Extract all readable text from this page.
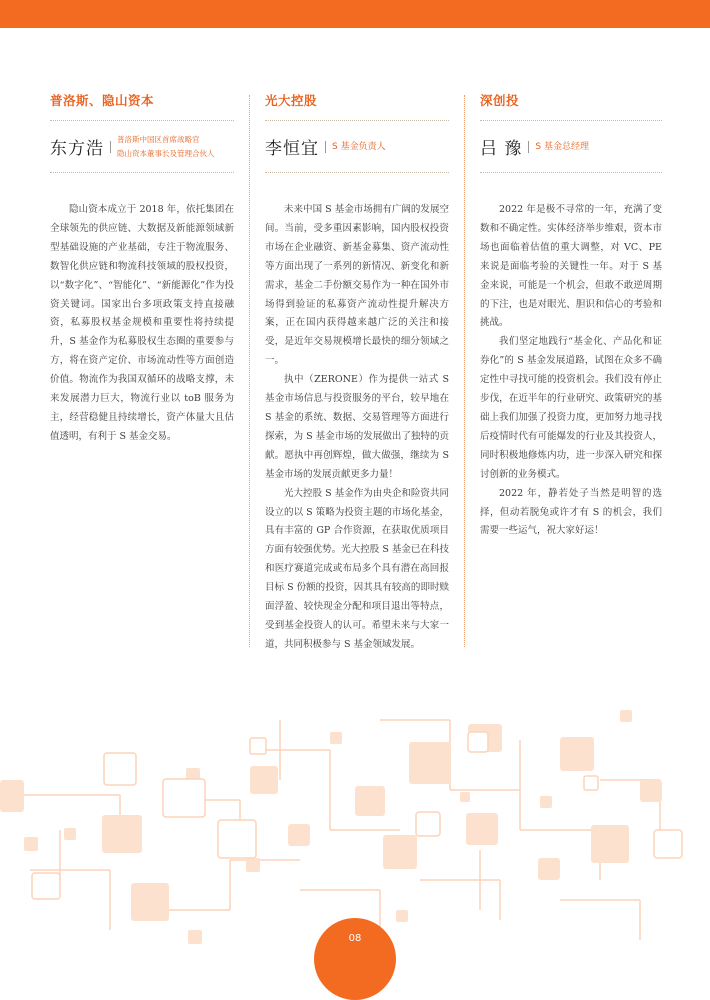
普洛斯、隐山资本
东方浩 普洛斯中国区首席战略官
隐山资本董事长及管理合伙人

隐山资本成立于 2018 年，依托集团在全球领先的供应链、大数据及新能源领域新型基础设施的产业基础，专注于物流服务、数智化供应链和物流科技领域的股权投资，以“数字化”、“智能化”、“新能源化”作为投资关键词。国家出台多项政策支持直接融资，私募股权基金规模和重要性将持续提升，S 基金作为私募股权生态圈的重要参与方，将在资产定价、市场流动性等方面创造价值。物流作为我国双循环的战略支撑，未来发展潜力巨大，物流行业以 toB 服务为主，经营稳健且持续增长，资产体量大且估值透明，有利于 S 基金交易。

光大控股
李恒宜 S 基金负责人

未来中国 S 基金市场拥有广阔的发展空间。当前，受多重因素影响，国内股权投资市场在企业融资、新基金募集、资产流动性等方面出现了一系列的新情况、新变化和新需求，基金二手份额交易作为一种在国外市场得到验证的私募资产流动性提升解决方案，正在国内获得越来越广泛的关注和接受，是近年交易规模增长最快的细分领域之一。

执中（ZERONE）作为提供一站式 S 基金市场信息与投资服务的平台，较早地在 S 基金的系统、数据、交易管理等方面进行探索，为 S 基金市场的发展做出了独特的贡献。愿执中再创辉煌，做大做强，继续为 S 基金市场的发展贡献更多力量！

光大控股 S 基金作为由央企和险资共同设立的以 S 策略为投资主题的市场化基金，具有丰富的 GP 合作资源，在获取优质项目方面有较强优势。光大控股 S 基金已在科技和医疗赛道完成或布局多个具有潜在高回报目标 S 份额的投资，因其具有较高的即时赎面浮盈、较快现金分配和项目退出等特点，受到基金投资人的认可。希望未来与大家一道，共同积极参与 S 基金领域发展。

深创投
吕 豫 S 基金总经理

2022 年是极不寻常的一年，充满了变数和不确定性。实体经济举步维艰，资本市场也面临着估值的重大调整，对 VC、PE 来说是面临考验的关键性一年。对于 S 基金来说，可能是一个机会，但敢不敢逆周期的下注，也是对眼光、胆识和信心的考验和挑战。

我们坚定地践行“基金化、产品化和证券化”的 S 基金发展道路，试图在众多不确定性中寻找可能的投资机会。我们没有停止步伐，在近半年的行业研究、政策研究的基础上我们加强了投资力度，更加努力地寻找后疫情时代有可能爆发的行业及其投资人，同时积极地修炼内功，进一步深入研究和探讨创新的业务模式。

2022 年，静若处子当然是明智的选择，但动若脱兔或许才有 S 的机会，我们需要一些运气，祝大家好运！

08
